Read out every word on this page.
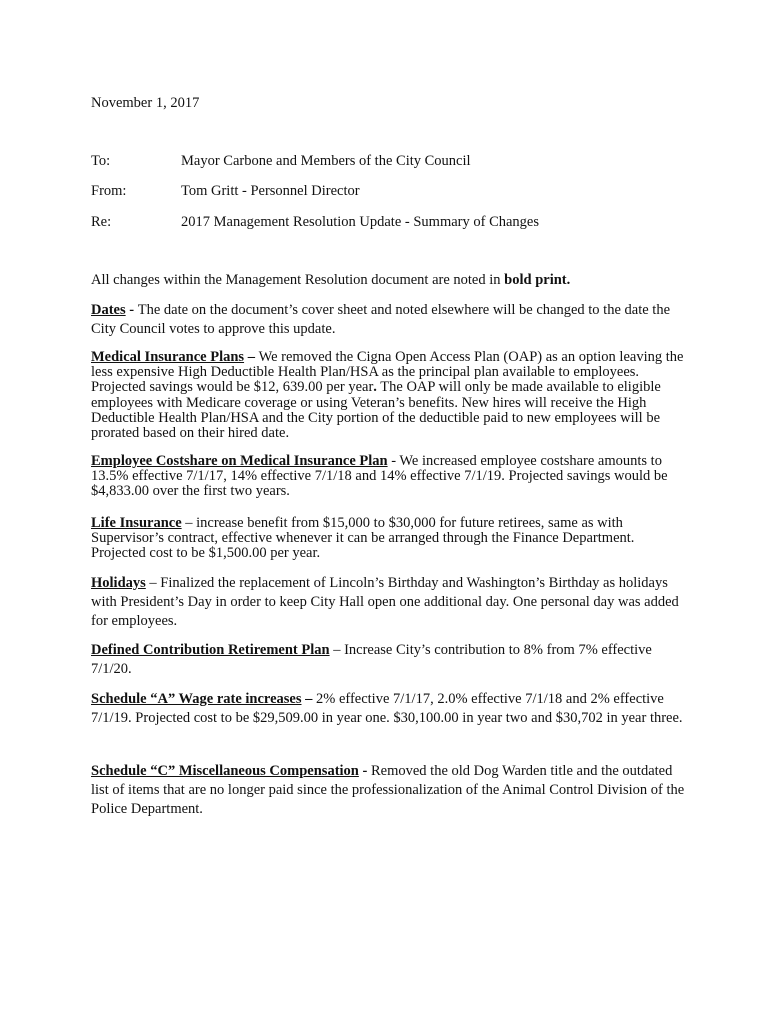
November 1, 2017
To:	Mayor Carbone and Members of the City Council
From:	Tom Gritt - Personnel Director
Re:	2017 Management Resolution Update - Summary of Changes
All changes within the Management Resolution document are noted in bold print.
Dates - The date on the document’s cover sheet and noted elsewhere will be changed to the date the City Council votes to approve this update.
Medical Insurance Plans – We removed the Cigna Open Access Plan (OAP) as an option leaving the less expensive High Deductible Health Plan/HSA as the principal plan available to employees. Projected savings would be $12, 639.00 per year. The OAP will only be made available to eligible employees with Medicare coverage or using Veteran’s benefits. New hires will receive the High Deductible Health Plan/HSA and the City portion of the deductible paid to new employees will be prorated based on their hired date.
Employee Costshare on Medical Insurance Plan - We increased employee costshare amounts to 13.5% effective 7/1/17, 14% effective 7/1/18 and 14% effective 7/1/19. Projected savings would be $4,833.00 over the first two years.
Life Insurance – increase benefit from $15,000 to $30,000 for future retirees, same as with Supervisor’s contract, effective whenever it can be arranged through the Finance Department. Projected cost to be $1,500.00 per year.
Holidays – Finalized the replacement of Lincoln’s Birthday and Washington’s Birthday as holidays with President’s Day in order to keep City Hall open one additional day. One personal day was added for employees.
Defined Contribution Retirement Plan – Increase City’s contribution to 8% from 7% effective 7/1/20.
Schedule “A” Wage rate increases – 2% effective 7/1/17, 2.0% effective 7/1/18 and 2% effective 7/1/19. Projected cost to be $29,509.00 in year one. $30,100.00 in year two and $30,702 in year three.
Schedule “C” Miscellaneous Compensation - Removed the old Dog Warden title and the outdated list of items that are no longer paid since the professionalization of the Animal Control Division of the Police Department.
